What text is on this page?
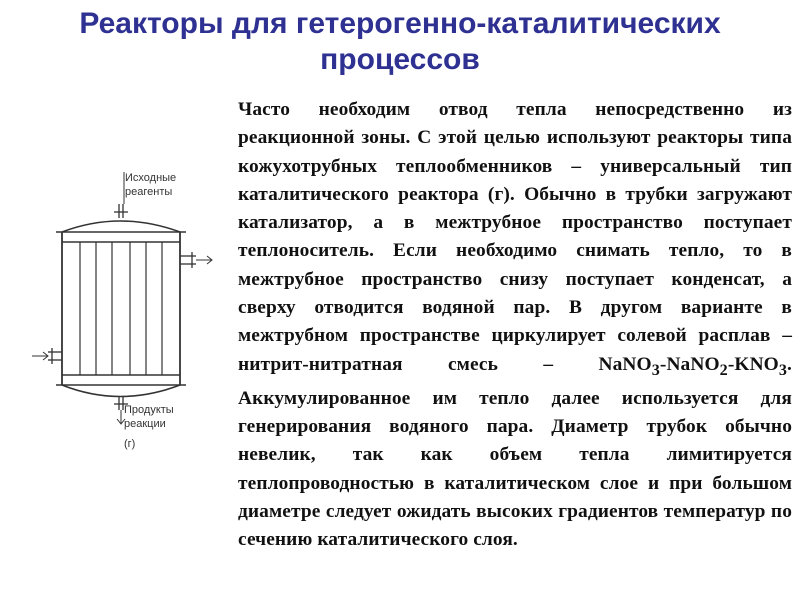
Реакторы для гетерогенно-каталитических
процессов
Исходные
реагенты
Продукты
реакции
(г)

Часто необходим отвод тепла непосредственно из реакционной зоны. С этой целью используют реакторы типа кожухотрубных теплообменников – универсальный тип каталитического реактора (г). Обычно в трубки загружают катализатор, а в межтрубное пространство поступает теплоноситель. Если необходимо снимать тепло, то в межтрубное пространство снизу поступает конденсат, а сверху отводится водяной пар. В другом варианте в межтрубном пространстве циркулирует солевой расплав – нитрит-нитратная смесь – $NaNO_3-NaNO_2-KNO_3$. Аккумулированное им тепло далее используется для генерирования водяного пара. Диаметр трубок обычно невелик, так как объем тепла лимитируется теплопроводностью в каталитическом слое и при большом диаметре следует ожидать высоких градиентов температур по сечению каталитического слоя.
